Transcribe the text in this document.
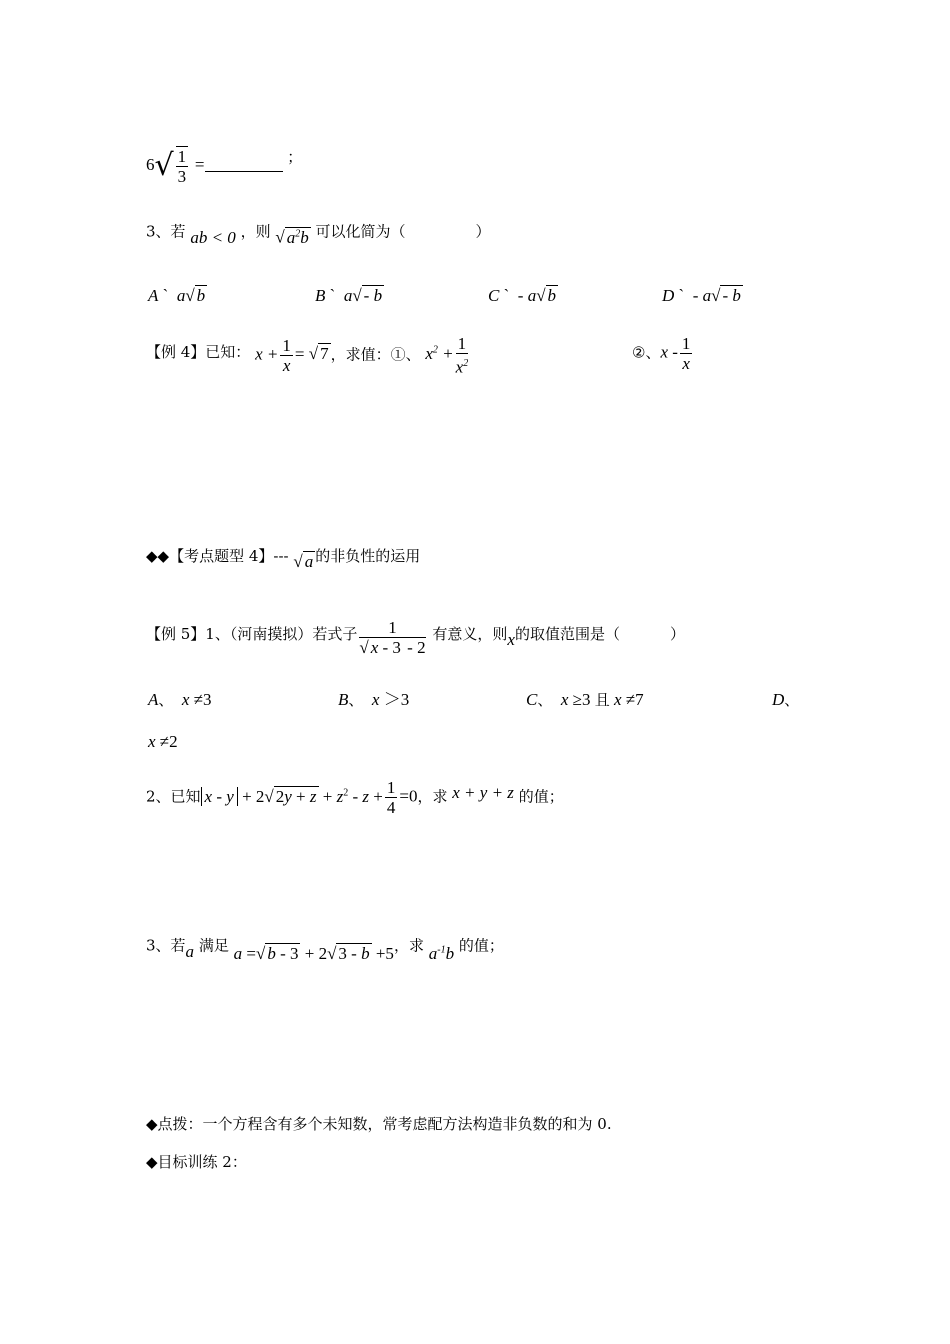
$6√ \frac{1}{3}$ =	；
3、若 ab < 0 ，则 √ $a^2b$ 可以化简为（	）
A ` a√ b	B ` a√ - b	C `  - a√ b	D `  - a√ - b
【例 4】已知： $x + \frac{1}{x}$ = √ 7 ，求值：①、 $x^2 + \frac{1}{x^2}$	②、x - $\frac{1}{x}$
◆◆【考点题型 4】--- √ a 的非负性的运用
【例 5】1、（河南摸拟）若式子 $\frac{1}{√ x - 3 - 2}$ 有意义，则x的取值范围是（	）
A、 x ≠3	B、 x ＞3	C、 x ≥3 且 x ≠7	D、
x ≠2
2、已知 x - y + 2√ $2y + z + z^2 - z + \frac{1}{4} =0$，求 x + y + z 的值；
3、若a 满足 a =√ b - 3 + 2√ 3 - b +5，求 $a^{-1}b$ 的值；
◆点拨：一个方程含有多个未知数，常考虑配方法构造非负数的和为 0.
◆目标训练 2：
